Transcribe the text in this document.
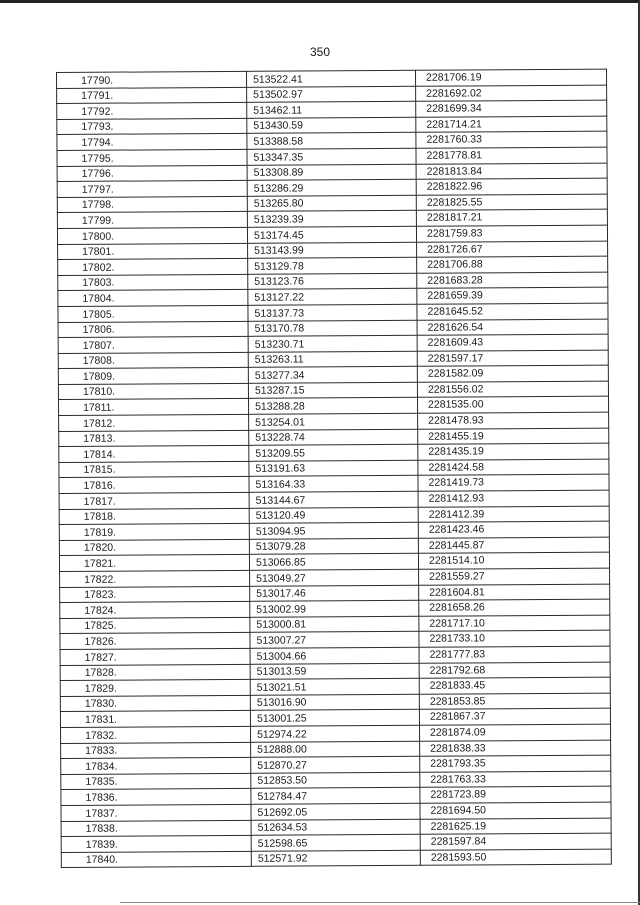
350
17790.	513522.41	2281706.19
17791.	513502.97	2281692.02
17792.	513462.11	2281699.34
17793.	513430.59	2281714.21
17794.	513388.58	2281760.33
17795.	513347.35	2281778.81
17796.	513308.89	2281813.84
17797.	513286.29	2281822.96
17798.	513265.80	2281825.55
17799.	513239.39	2281817.21
17800.	513174.45	2281759.83
17801.	513143.99	2281726.67
17802.	513129.78	2281706.88
17803.	513123.76	2281683.28
17804.	513127.22	2281659.39
17805.	513137.73	2281645.52
17806.	513170.78	2281626.54
17807.	513230.71	2281609.43
17808.	513263.11	2281597.17
17809.	513277.34	2281582.09
17810.	513287.15	2281556.02
17811.	513288.28	2281535.00
17812.	513254.01	2281478.93
17813.	513228.74	2281455.19
17814.	513209.55	2281435.19
17815.	513191.63	2281424.58
17816.	513164.33	2281419.73
17817.	513144.67	2281412.93
17818.	513120.49	2281412.39
17819.	513094.95	2281423.46
17820.	513079.28	2281445.87
17821.	513066.85	2281514.10
17822.	513049.27	2281559.27
17823.	513017.46	2281604.81
17824.	513002.99	2281658.26
17825.	513000.81	2281717.10
17826.	513007.27	2281733.10
17827.	513004.66	2281777.83
17828.	513013.59	2281792.68
17829.	513021.51	2281833.45
17830.	513016.90	2281853.85
17831.	513001.25	2281867.37
17832.	512974.22	2281874.09
17833.	512888.00	2281838.33
17834.	512870.27	2281793.35
17835.	512853.50	2281763.33
17836.	512784.47	2281723.89
17837.	512692.05	2281694.50
17838.	512634.53	2281625.19
17839.	512598.65	2281597.84
17840.	512571.92	2281593.50
